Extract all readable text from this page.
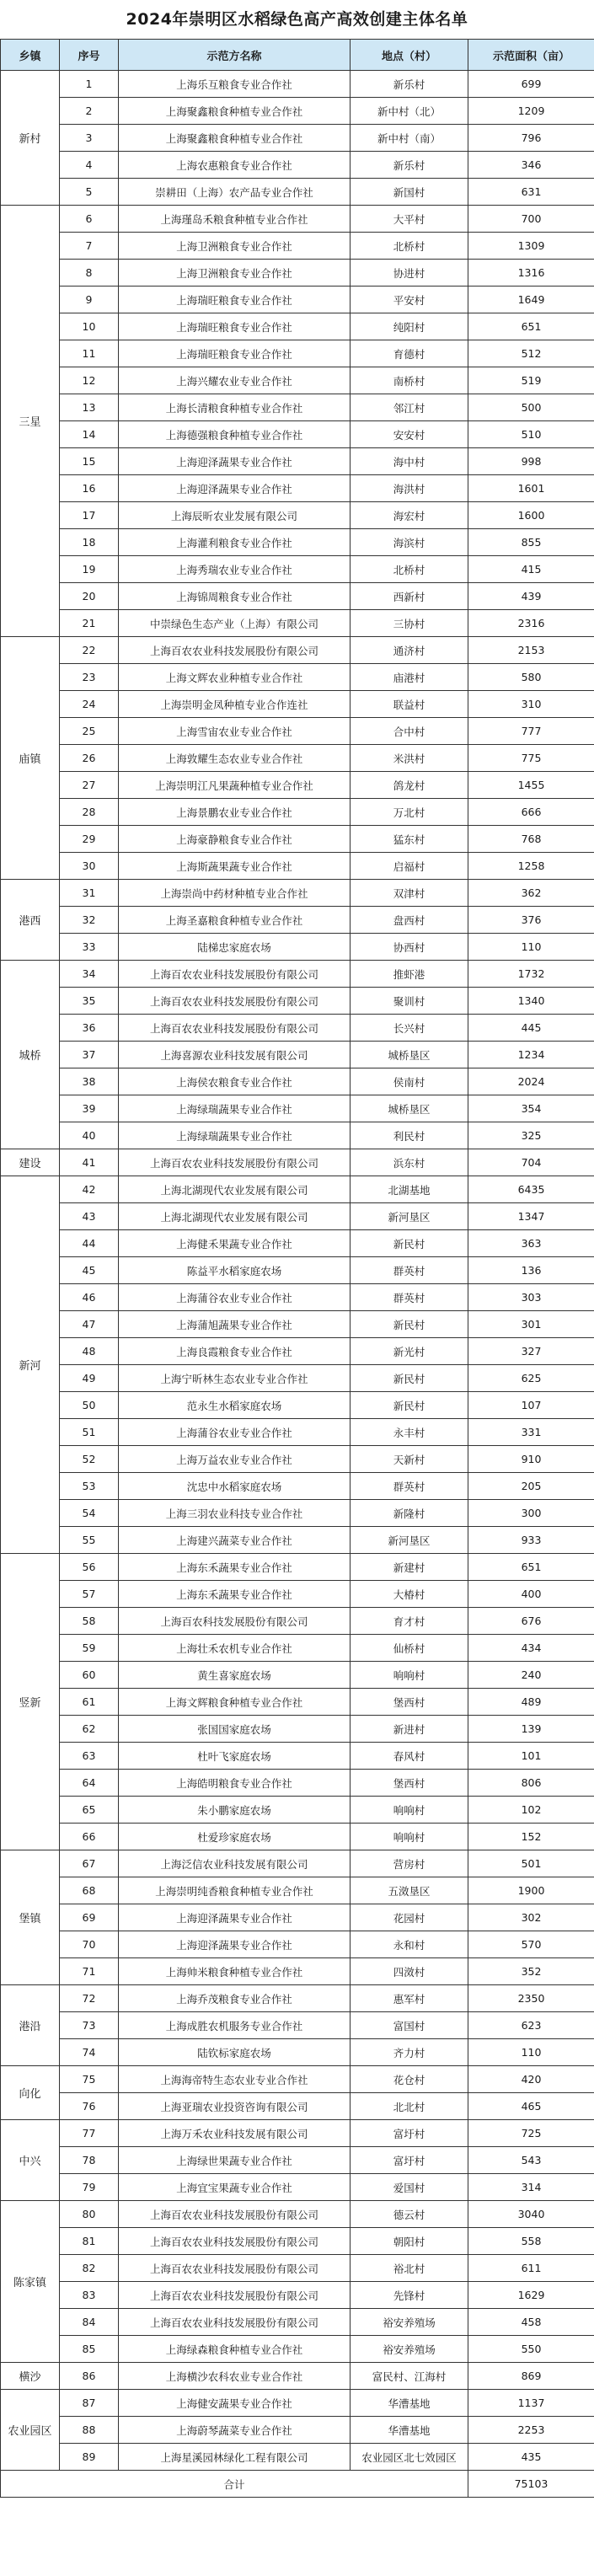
2024年崇明区水稻绿色高产高效创建主体名单
乡镇	序号	示范方名称	地点（村）	示范面积（亩）
新村	1	上海乐互粮食专业合作社	新乐村	699
	2	上海聚鑫粮食种植专业合作社	新中村（北）	1209
	3	上海聚鑫粮食种植专业合作社	新中村（南）	796
	4	上海农惠粮食专业合作社	新乐村	346
	5	崇耕田（上海）农产品专业合作社	新国村	631
三星	6	上海瑾岛禾粮食种植专业合作社	大平村	700
	7	上海卫洲粮食专业合作社	北桥村	1309
	8	上海卫洲粮食专业合作社	协进村	1316
	9	上海瑞旺粮食专业合作社	平安村	1649
	10	上海瑞旺粮食专业合作社	纯阳村	651
	11	上海瑞旺粮食专业合作社	育德村	512
	12	上海兴耀农业专业合作社	南桥村	519
	13	上海长清粮食种植专业合作社	邻江村	500
	14	上海德强粮食种植专业合作社	安安村	510
	15	上海迎泽蔬果专业合作社	海中村	998
	16	上海迎泽蔬果专业合作社	海洪村	1601
	17	上海辰昕农业发展有限公司	海宏村	1600
	18	上海灌利粮食专业合作社	海滨村	855
	19	上海秀瑞农业专业合作社	北桥村	415
	20	上海锦周粮食专业合作社	西新村	439
	21	中崇绿色生态产业（上海）有限公司	三协村	2316
庙镇	22	上海百农农业科技发展股份有限公司	通济村	2153
	23	上海文辉农业种植专业合作社	庙港村	580
	24	上海崇明金凤种植专业合作连社	联益村	310
	25	上海雪宙农业专业合作社	合中村	777
	26	上海敦耀生态农业专业合作社	米洪村	775
	27	上海崇明江凡果蔬种植专业合作社	鸽龙村	1455
	28	上海景鹏农业专业合作社	万北村	666
	29	上海豪静粮食专业合作社	猛东村	768
	30	上海斯蔬果蔬专业合作社	启福村	1258
港西	31	上海崇尚中药材种植专业合作社	双津村	362
	32	上海圣嘉粮食种植专业合作社	盘西村	376
	33	陆梯忠家庭农场	协西村	110
城桥	34	上海百农农业科技发展股份有限公司	推虾港	1732
	35	上海百农农业科技发展股份有限公司	聚训村	1340
	36	上海百农农业科技发展股份有限公司	长兴村	445
	37	上海喜源农业科技发展有限公司	城桥垦区	1234
	38	上海侯农粮食专业合作社	侯南村	2024
	39	上海绿瑞蔬果专业合作社	城桥垦区	354
	40	上海绿瑞蔬果专业合作社	利民村	325
建设	41	上海百农农业科技发展股份有限公司	浜东村	704
新河	42	上海北湖现代农业发展有限公司	北湖基地	6435
	43	上海北湖现代农业发展有限公司	新河垦区	1347
	44	上海健禾果蔬专业合作社	新民村	363
	45	陈益平水稻家庭农场	群英村	136
	46	上海蒲谷农业专业合作社	群英村	303
	47	上海蒲旭蔬果专业合作社	新民村	301
	48	上海良霞粮食专业合作社	新光村	327
	49	上海宁昕林生态农业专业合作社	新民村	625
	50	范永生水稻家庭农场	新民村	107
	51	上海蒲谷农业专业合作社	永丰村	331
	52	上海万益农业专业合作社	天新村	910
	53	沈忠中水稻家庭农场	群英村	205
	54	上海三羽农业科技专业合作社	新隆村	300
	55	上海建兴蔬菜专业合作社	新河垦区	933
竖新	56	上海东禾蔬果专业合作社	新建村	651
	57	上海东禾蔬果专业合作社	大椿村	400
	58	上海百农科技发展股份有限公司	育才村	676
	59	上海壮禾农机专业合作社	仙桥村	434
	60	黄生喜家庭农场	响响村	240
	61	上海文辉粮食种植专业合作社	堡西村	489
	62	张国国家庭农场	新进村	139
	63	杜叶飞家庭农场	春风村	101
	64	上海皓明粮食专业合作社	堡西村	806
	65	朱小鹏家庭农场	响响村	102
	66	杜爱珍家庭农场	响响村	152
堡镇	67	上海泛信农业科技发展有限公司	营房村	501
	68	上海崇明纯香粮食种植专业合作社	五滧垦区	1900
	69	上海迎泽蔬果专业合作社	花园村	302
	70	上海迎泽蔬果专业合作社	永和村	570
	71	上海帅米粮食种植专业合作社	四滧村	352
港沿	72	上海乔茂粮食专业合作社	惠军村	2350
	73	上海成胜农机服务专业合作社	富国村	623
	74	陆钦标家庭农场	齐力村	110
向化	75	上海海帝特生态农业专业合作社	花仓村	420
	76	上海亚瑞农业投资咨询有限公司	北北村	465
中兴	77	上海万禾农业科技发展有限公司	富圩村	725
	78	上海绿世果蔬专业合作社	富圩村	543
	79	上海宜宝果蔬专业合作社	爱国村	314
陈家镇	80	上海百农农业科技发展股份有限公司	德云村	3040
	81	上海百农农业科技发展股份有限公司	朝阳村	558
	82	上海百农农业科技发展股份有限公司	裕北村	611
	83	上海百农农业科技发展股份有限公司	先锋村	1629
	84	上海百农农业科技发展股份有限公司	裕安养殖场	458
	85	上海绿森粮食种植专业合作社	裕安养殖场	550
横沙	86	上海横沙农科农业专业合作社	富民村、江海村	869
农业园区	87	上海健安蔬果专业合作社	华漕基地	1137
	88	上海蔚琴蔬菜专业合作社	华漕基地	2253
	89	上海星溪园林绿化工程有限公司	农业园区北七效园区	435
合计				75103
